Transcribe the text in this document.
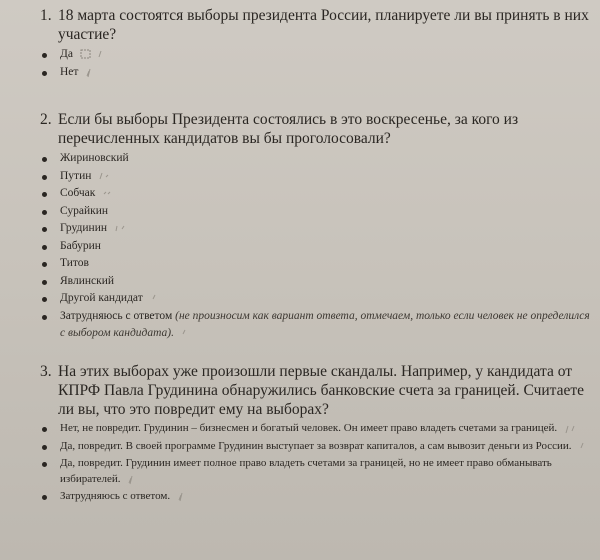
1. 18 марта состоятся выборы президента России, планируете ли вы принять в них участие?
Да

Нет
2. Если бы выборы Президента состоялись в это воскресенье, за кого из перечисленных кандидатов вы бы проголосовали?
Жириновский
Путин
Собчак
Сурайкин
Грудинин
Бабурин
Титов
Явлинский
Другой кандидат
Затрудняюсь с ответом (не произносим как вариант ответа, отмечаем, только если человек не определился с выбором кандидата).
3. На этих выборах уже произошли первые скандалы. Например, у кандидата от КПРФ Павла Грудинина обнаружились банковские счета за границей. Считаете ли вы, что это повредит ему на выборах?
Нет, не повредит. Грудинин – бизнесмен и богатый человек. Он имеет право владеть счетами за границей.
Да, повредит. В своей программе Грудинин выступает за возврат капиталов, а сам вывозит деньги из России.
Да, повредит. Грудинин имеет полное право владеть счетами за границей, но не имеет право обманывать избирателей.
Затрудняюсь с ответом.
